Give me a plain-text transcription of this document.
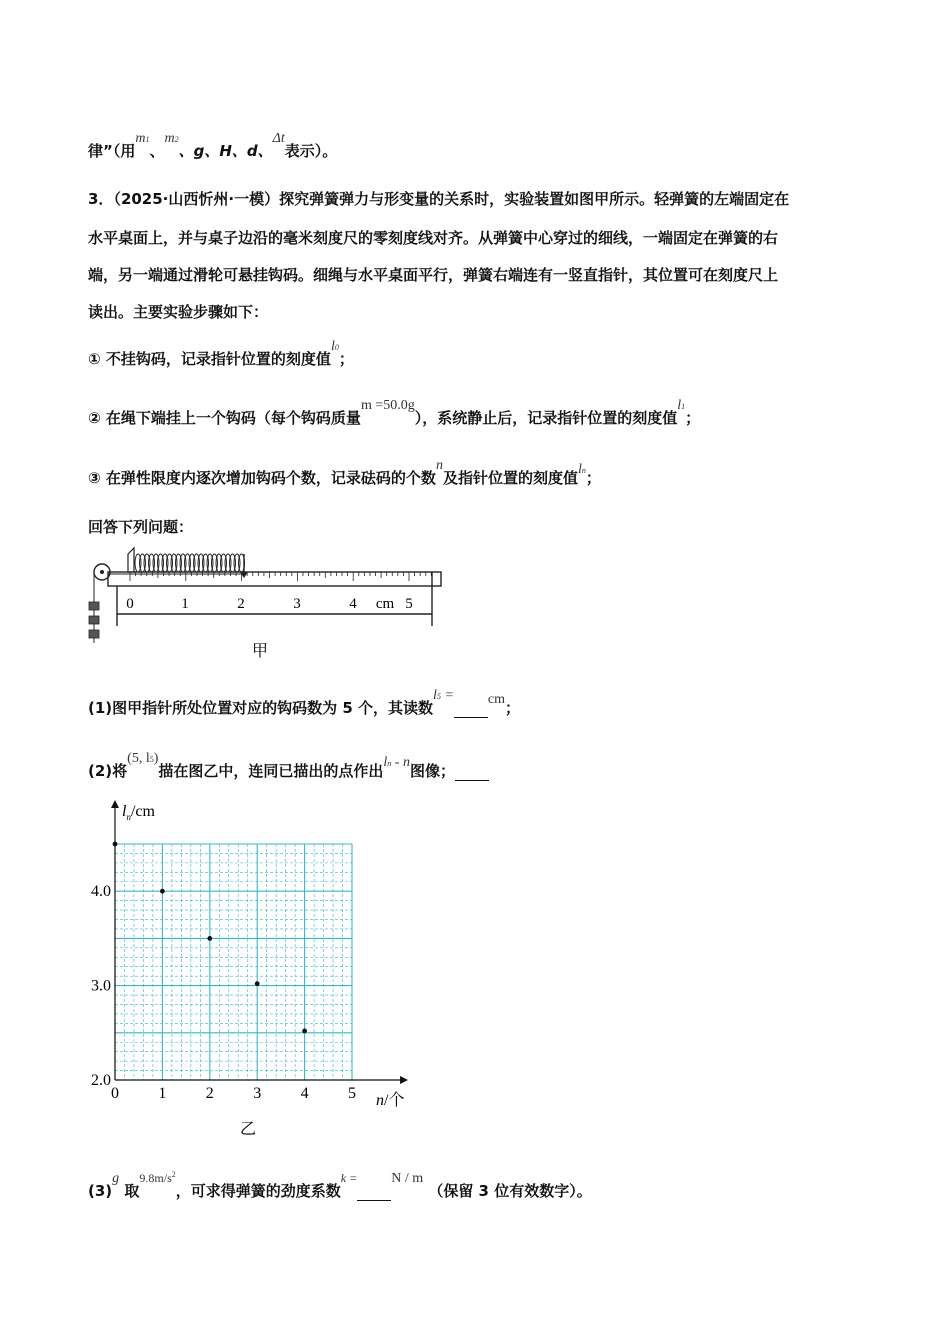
律”（用m1、m2、g、H、d、Δt表示）。
3．（2025·山西忻州·一模）探究弹簧弹力与形变量的关系时，实验装置如图甲所示。轻弹簧的左端固定在
水平桌面上，并与桌子边沿的毫米刻度尺的零刻度线对齐。从弹簧中心穿过的细线，一端固定在弹簧的右
端，另一端通过滑轮可悬挂钩码。细绳与水平桌面平行，弹簧右端连有一竖直指针，其位置可在刻度尺上
读出。主要实验步骤如下：
① 不挂钩码，记录指针位置的刻度值l0；
② 在绳下端挂上一个钩码（每个钩码质量m =50.0g），系统静止后，记录指针位置的刻度值l1；
③ 在弹性限度内逐次增加钩码个数，记录砝码的个数n及指针位置的刻度值ln；
回答下列问题：
0	1	2	3	4 cm 5
甲
(1)图甲指针所处位置对应的钩码数为 5 个，其读数l5 = cm；
(2)将(5, l5)描在图乙中，连同已描出的点作出ln - n图像；
0 1 2 3 4 5
2.0
3.0
4.0
$l_n/cm$
n/个
乙
(3)g 取$^{9.8m/s^2}$，可求得弹簧的劲度系数$^{k =}$ N / m （保留 3 位有效数字）。
